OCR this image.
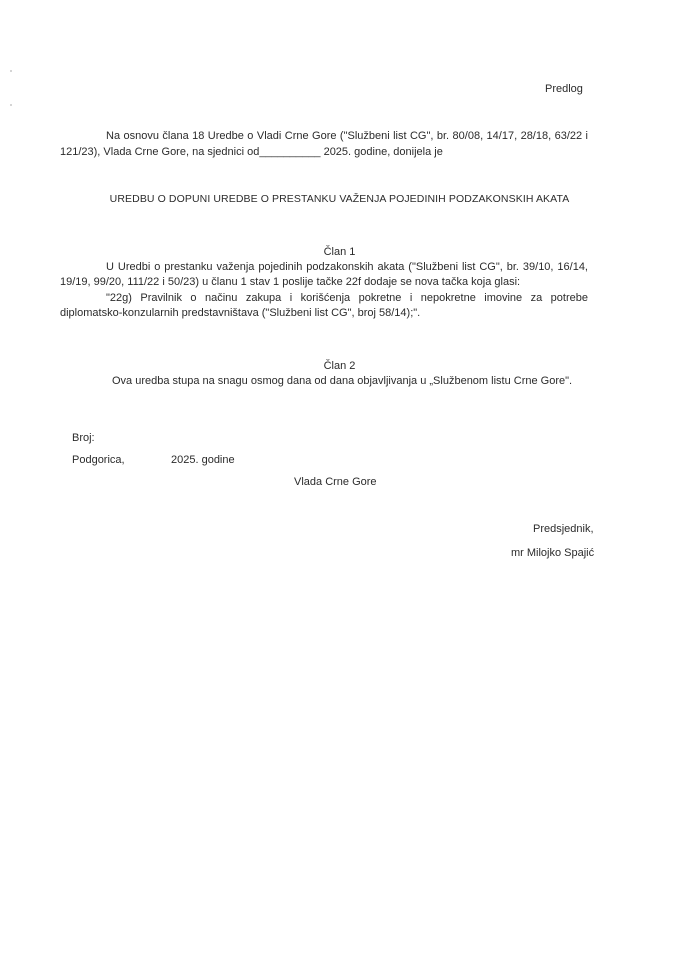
Predlog
Na osnovu člana 18 Uredbe o Vladi Crne Gore ("Službeni list CG", br. 80/08, 14/17, 28/18, 63/22 i 121/23), Vlada Crne Gore, na sjednici od__________ 2025. godine, donijela je
UREDBU O DOPUNI UREDBE O PRESTANKU VAŽENJA POJEDINIH PODZAKONSKIH AKATA
Član 1
U Uredbi o prestanku važenja pojedinih podzakonskih akata ("Službeni list CG", br. 39/10, 16/14, 19/19, 99/20, 111/22 i 50/23) u članu 1 stav 1 poslije tačke 22f dodaje se nova tačka koja glasi:
"22g) Pravilnik o načinu zakupa i korišćenja pokretne i nepokretne imovine za potrebe diplomatsko-konzularnih predstavništava ("Službeni list CG", broj 58/14);".
Član 2
Ova uredba stupa na snagu osmog dana od dana objavljivanja u „Službenom listu Crne Gore".
Broj:
Podgorica,	2025. godine
Vlada Crne Gore
Predsjednik,
mr Milojko Spajić
